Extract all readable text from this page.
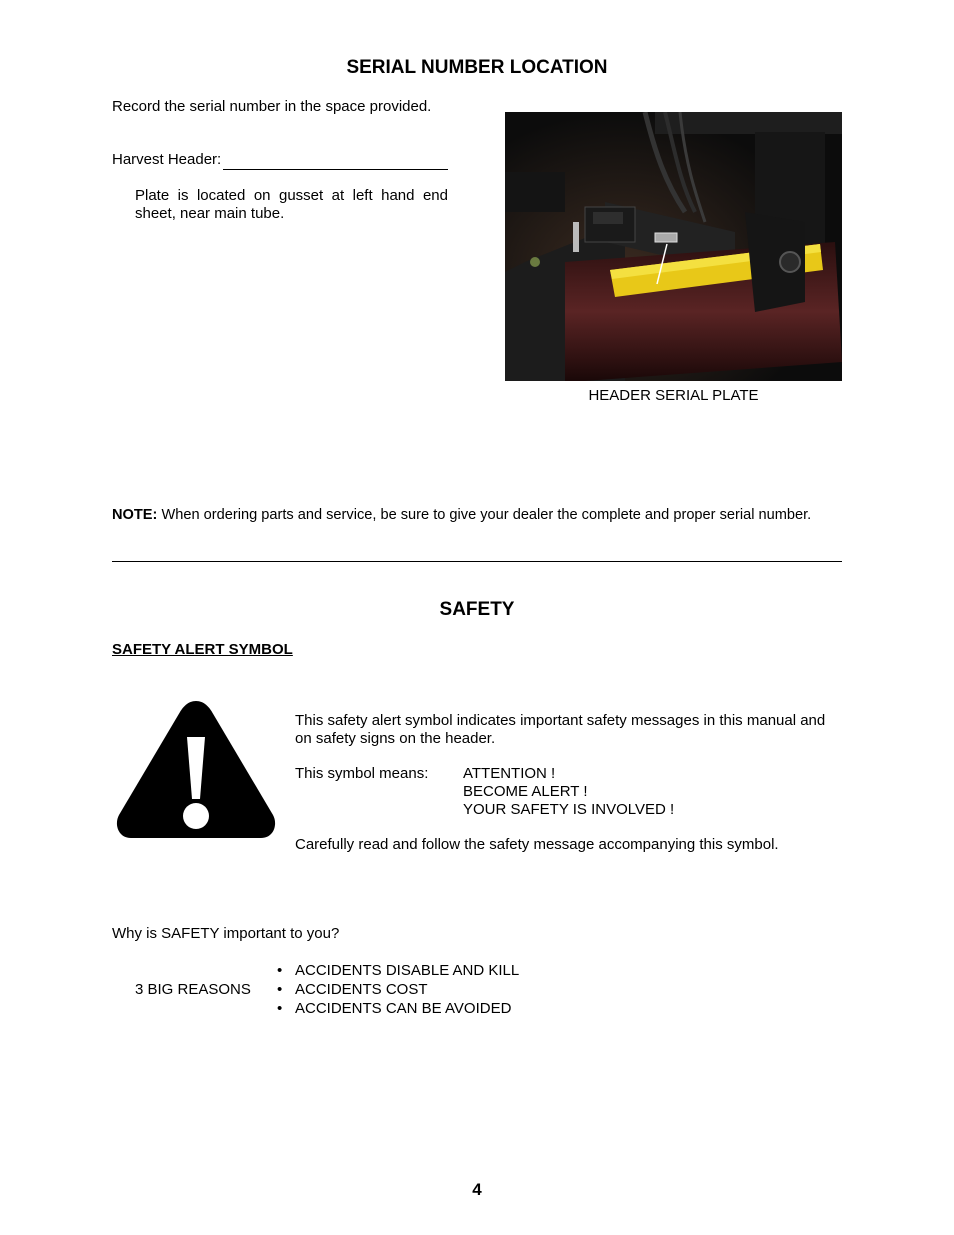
SERIAL NUMBER LOCATION
Record the serial number in the space provided.
Harvest Header:
Plate is located on gusset at left hand end sheet, near main tube.
HEADER SERIAL PLATE
NOTE: When ordering parts and service, be sure to give your dealer the complete and proper serial number.
SAFETY
SAFETY ALERT SYMBOL
This safety alert symbol indicates important safety messages in this manual and on safety signs on the header.
This symbol means: ATTENTION !
BECOME ALERT !
YOUR SAFETY IS INVOLVED !
Carefully read and follow the safety message accompanying this symbol.
Why is SAFETY important to you?
3 BIG REASONS
• ACCIDENTS DISABLE AND KILL
• ACCIDENTS COST
• ACCIDENTS CAN BE AVOIDED
4
